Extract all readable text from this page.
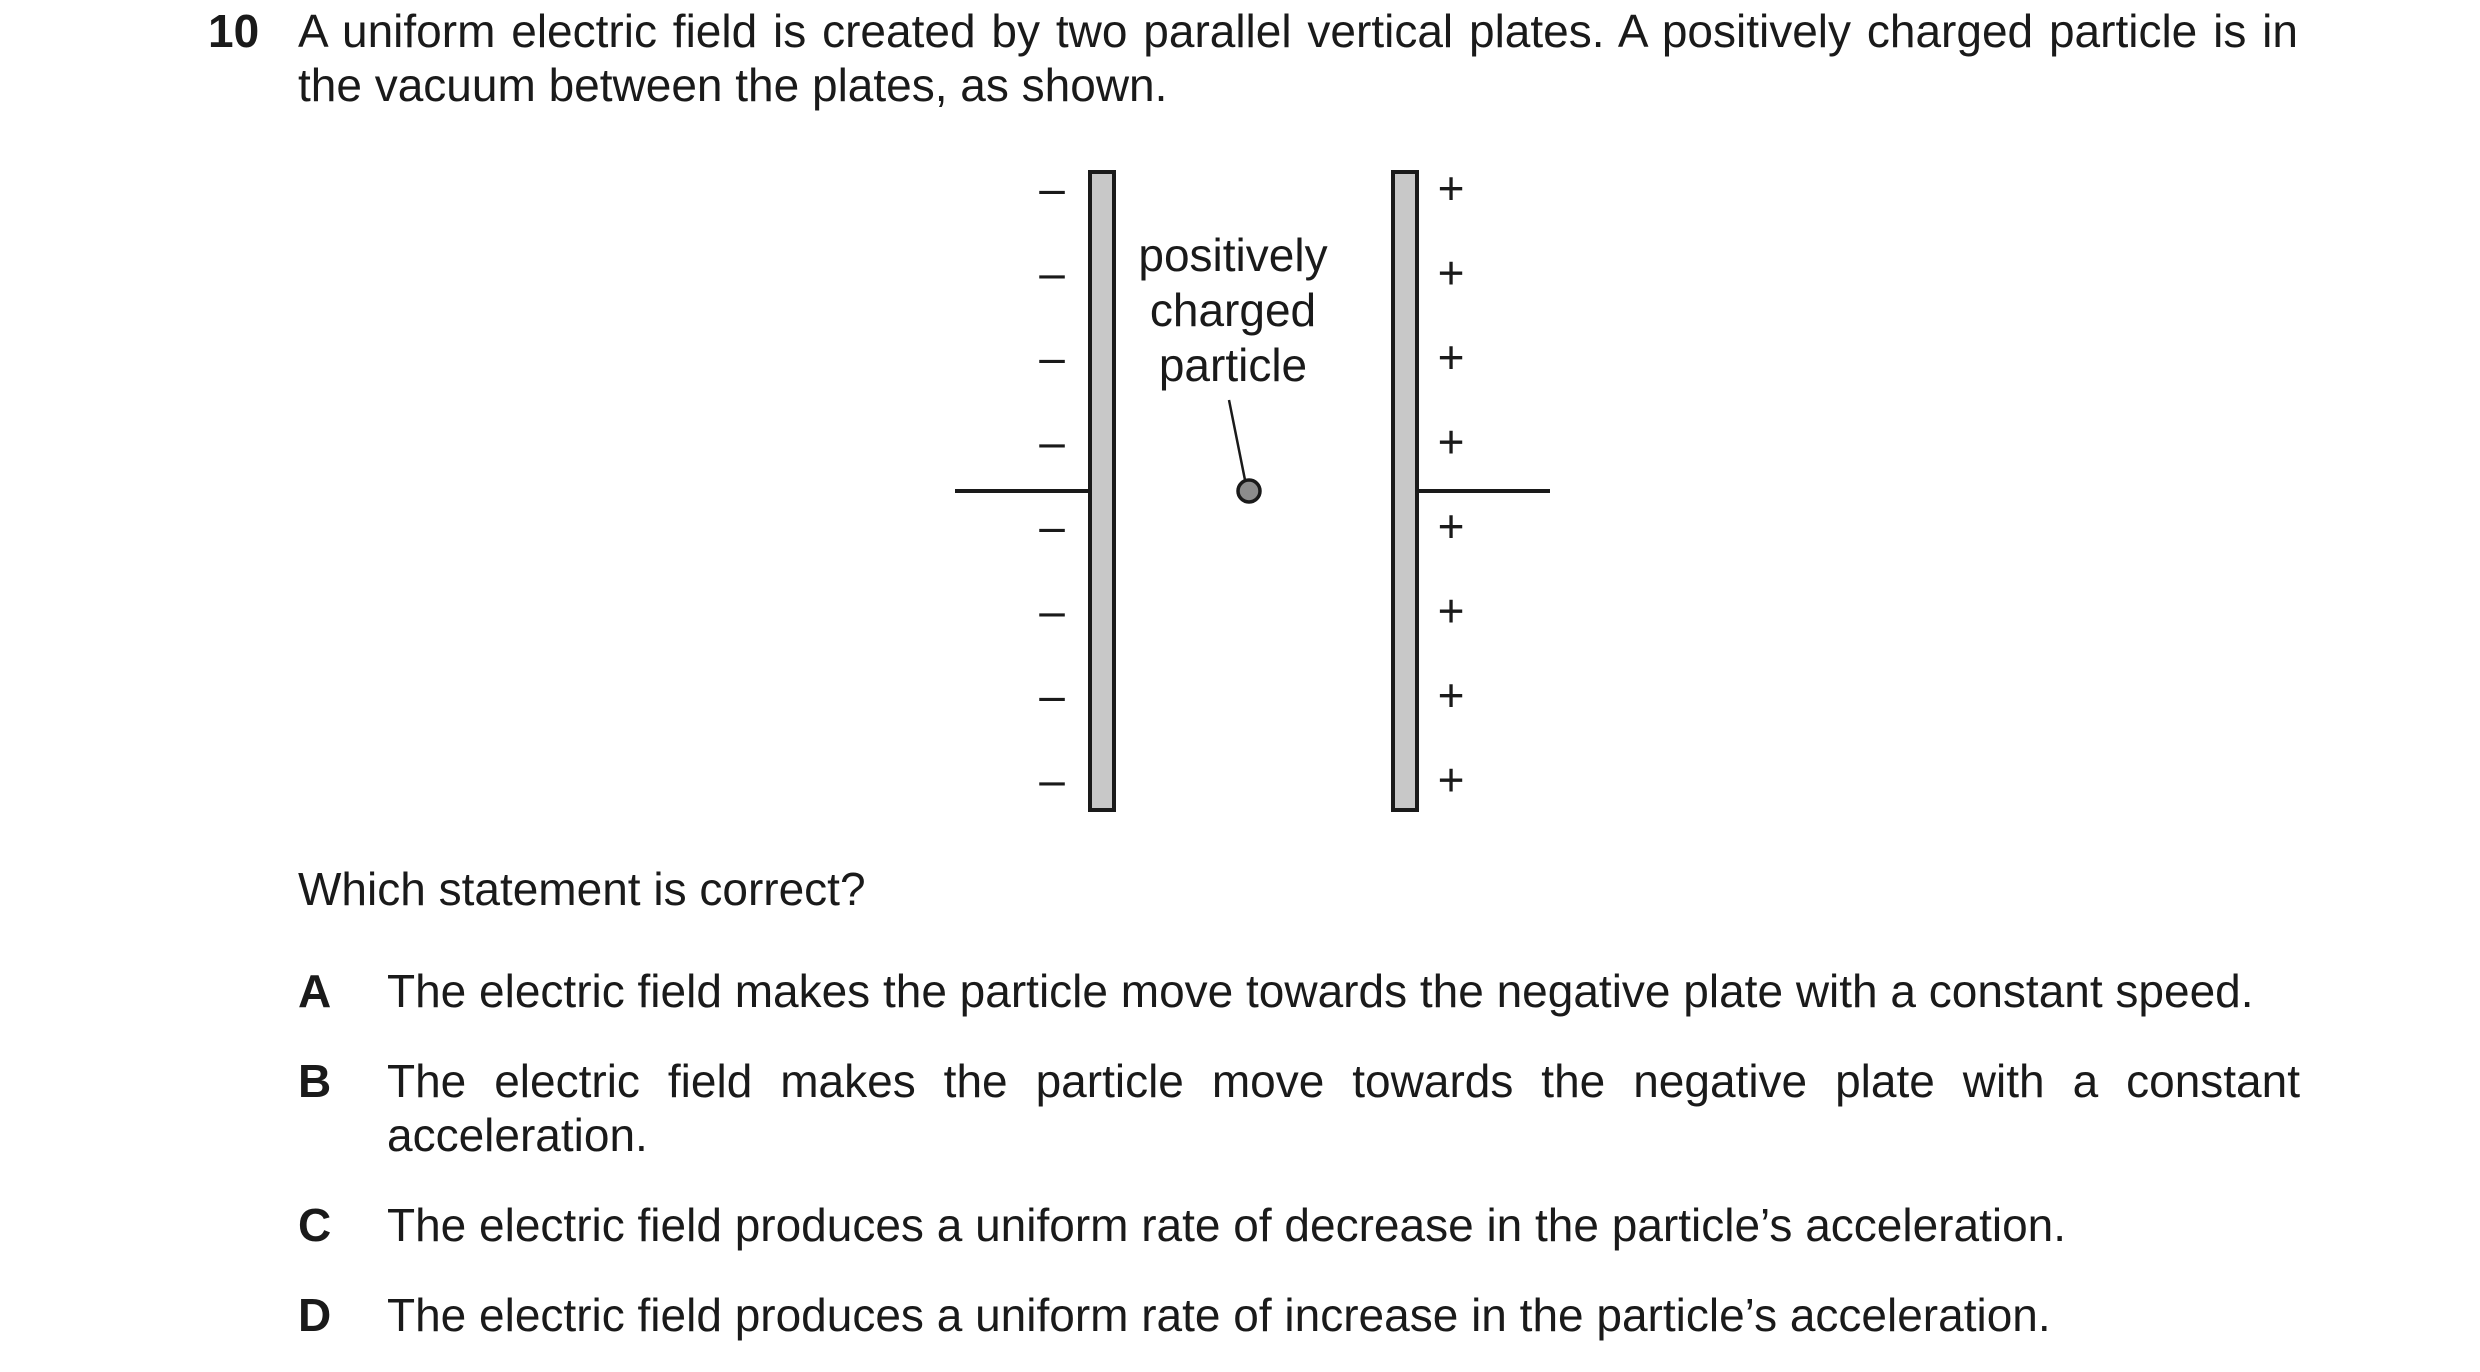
10 A uniform electric field is created by two parallel vertical plates. A positively charged particle is in
the vacuum between the plates, as shown.
–
–
–
–
–
–
–
–
+
+
+
+
+
+
+
+
positively
charged
particle
Which statement is correct?
A The electric field makes the particle move towards the negative plate with a constant speed.
B The electric field makes the particle move towards the negative plate with a constant
acceleration.
C The electric field produces a uniform rate of decrease in the particle’s acceleration.
D The electric field produces a uniform rate of increase in the particle’s acceleration.
